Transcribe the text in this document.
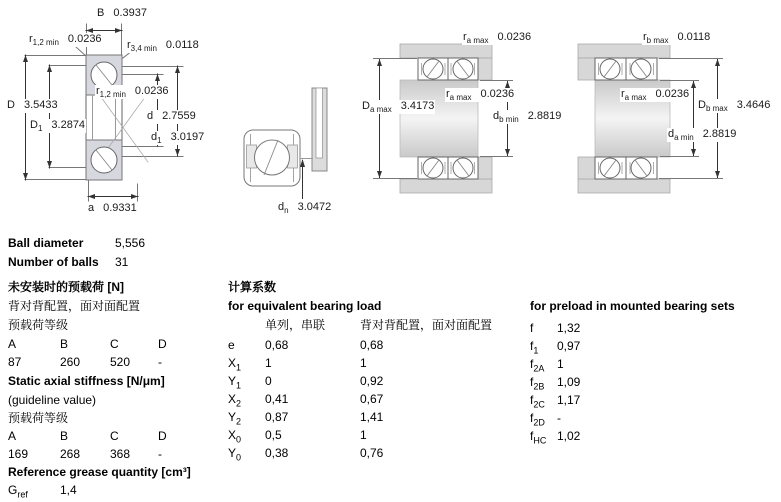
B 0.3937
$r_{1,2 min}$ 0.0236 $r_{3,4 min}$ 0.0118
D 3.5433
$D_1$ 3.2874
$r_{1,2 min}$ 0.0236
d 2.7559
$d_1$ 3.0197
a 0.9331	$d_n$ 3.0472
$r_{a max}$ 0.0236
$D_{a max}$ 3.4173
$r_{a max}$ 0.0236
$d_{b min}$ 2.8819
$r_{b max}$ 0.0118
$r_{a max}$ 0.0236
$D_{b max}$ 3.4646
$d_{a min}$ 2.8819
Ball diameter	5,556
Number of balls	31
未安装时的预载荷 [N]
背对背配置，面对面配置
预载荷等级
A	B	C	D
87	260	520	-
Static axial stiffness [N/μm]
(guideline value)
预载荷等级
A	B	C	D
169	268	368	-
Reference grease quantity [cm³]
$G_{ref}$	1,4
计算系数
for equivalent bearing load
单列，串联	背对背配置，面对面配置
e	0,68	0,68
$X_1$	1	1
$Y_1$	0	0,92
$X_2$	0,41	0,67
$Y_2$	0,87	1,41
$X_0$	0,5	1
$Y_0$	0,38	0,76
for preload in mounted bearing sets
f	1,32
$f_1$	0,97
$f_{2A}$	1
$f_{2B}$	1,09
$f_{2C}$	1,17
$f_{2D}$	-
$f_{HC}$ 1,02
